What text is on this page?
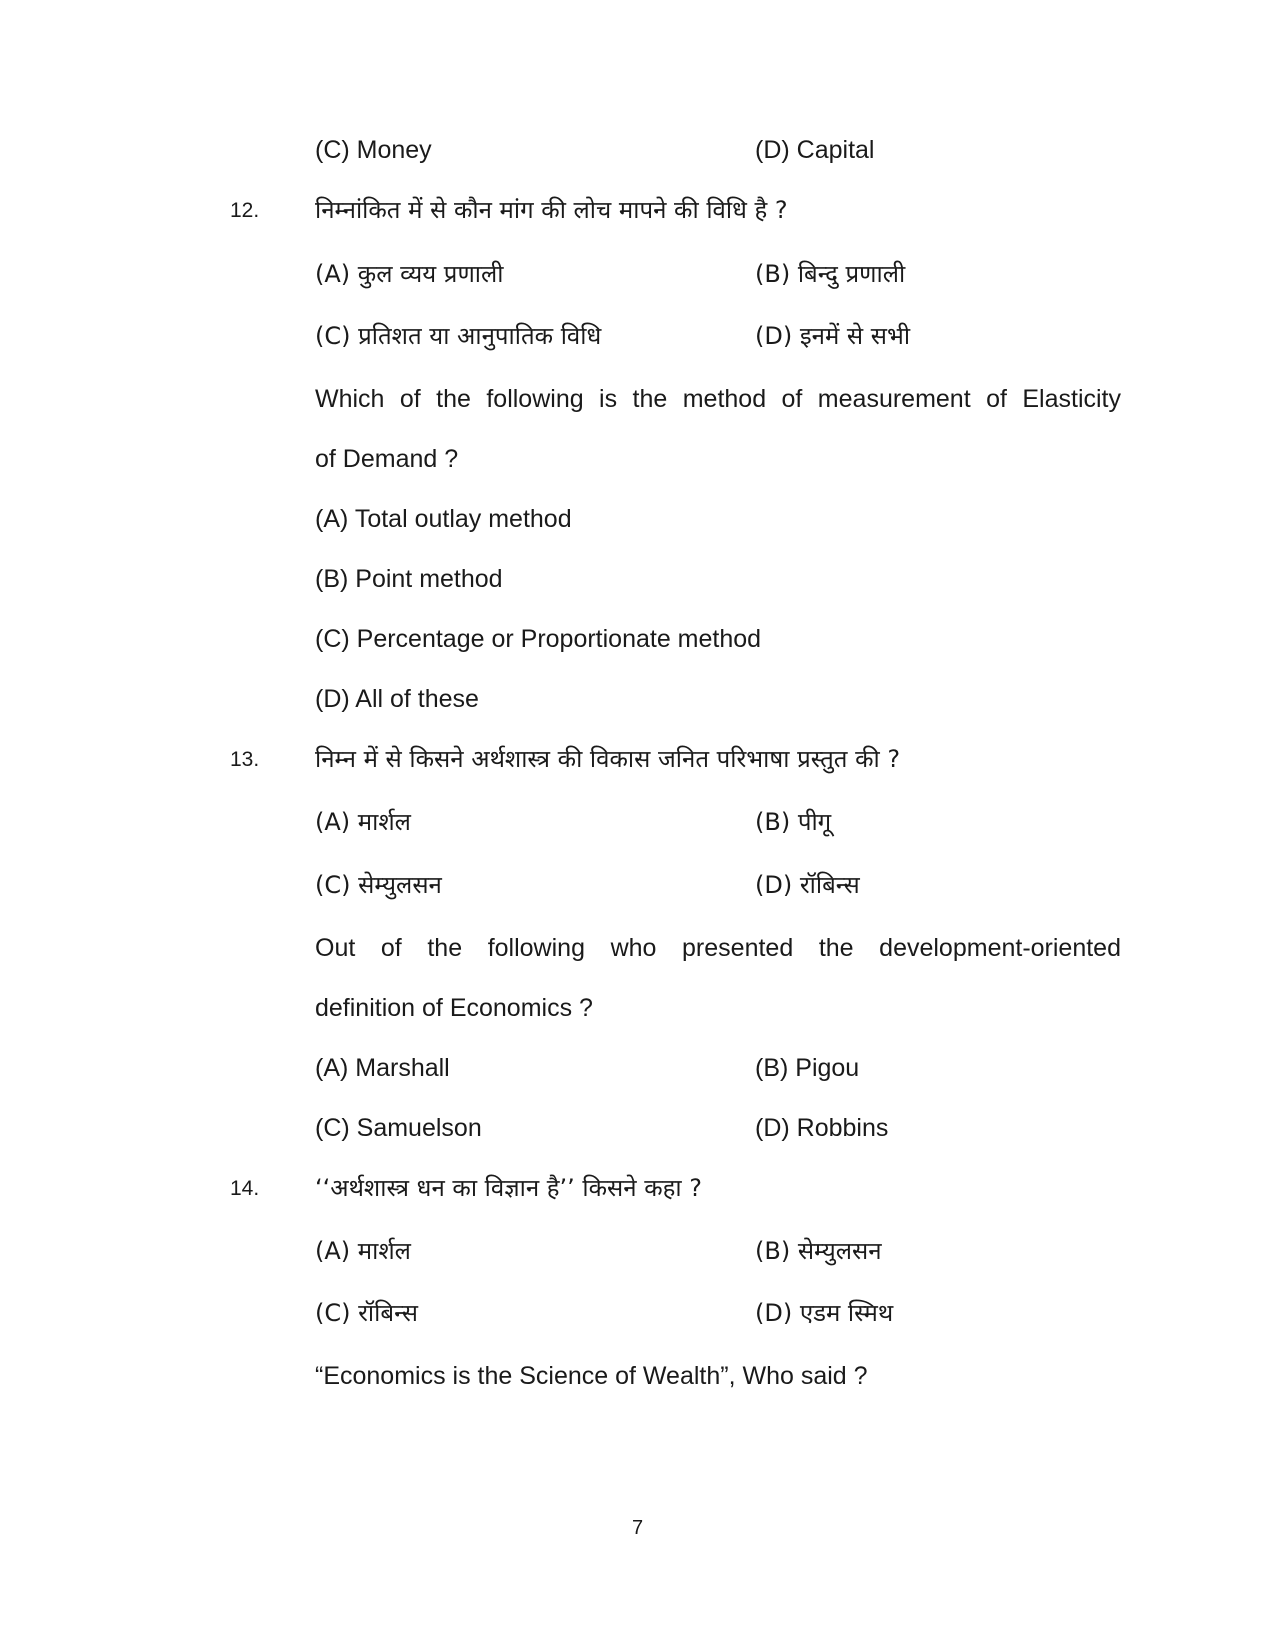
(C) Money	(D) Capital
12. निम्नांकित में से कौन मांग की लोच मापने की विधि है ?
(A) कुल व्यय प्रणाली	(B) बिन्दु प्रणाली
(C) प्रतिशत या आनुपातिक विधि	(D) इनमें से सभी
Which of the following is the method of measurement of Elasticity
of Demand ?
(A) Total outlay method
(B) Point method
(C) Percentage or Proportionate method
(D) All of these
13. निम्न में से किसने अर्थशास्त्र की विकास जनित परिभाषा प्रस्तुत की ?
(A) मार्शल	(B) पीगू
(C) सेम्युलसन	(D) रॉबिन्स
Out of the following who presented the development-oriented
definition of Economics ?
(A) Marshall	(B) Pigou
(C) Samuelson	(D) Robbins
14. ‘‘अर्थशास्त्र धन का विज्ञान है’’ किसने कहा ?
(A) मार्शल	(B) सेम्युलसन
(C) रॉबिन्स	(D) एडम स्मिथ
“Economics is the Science of Wealth”, Who said ?
7
